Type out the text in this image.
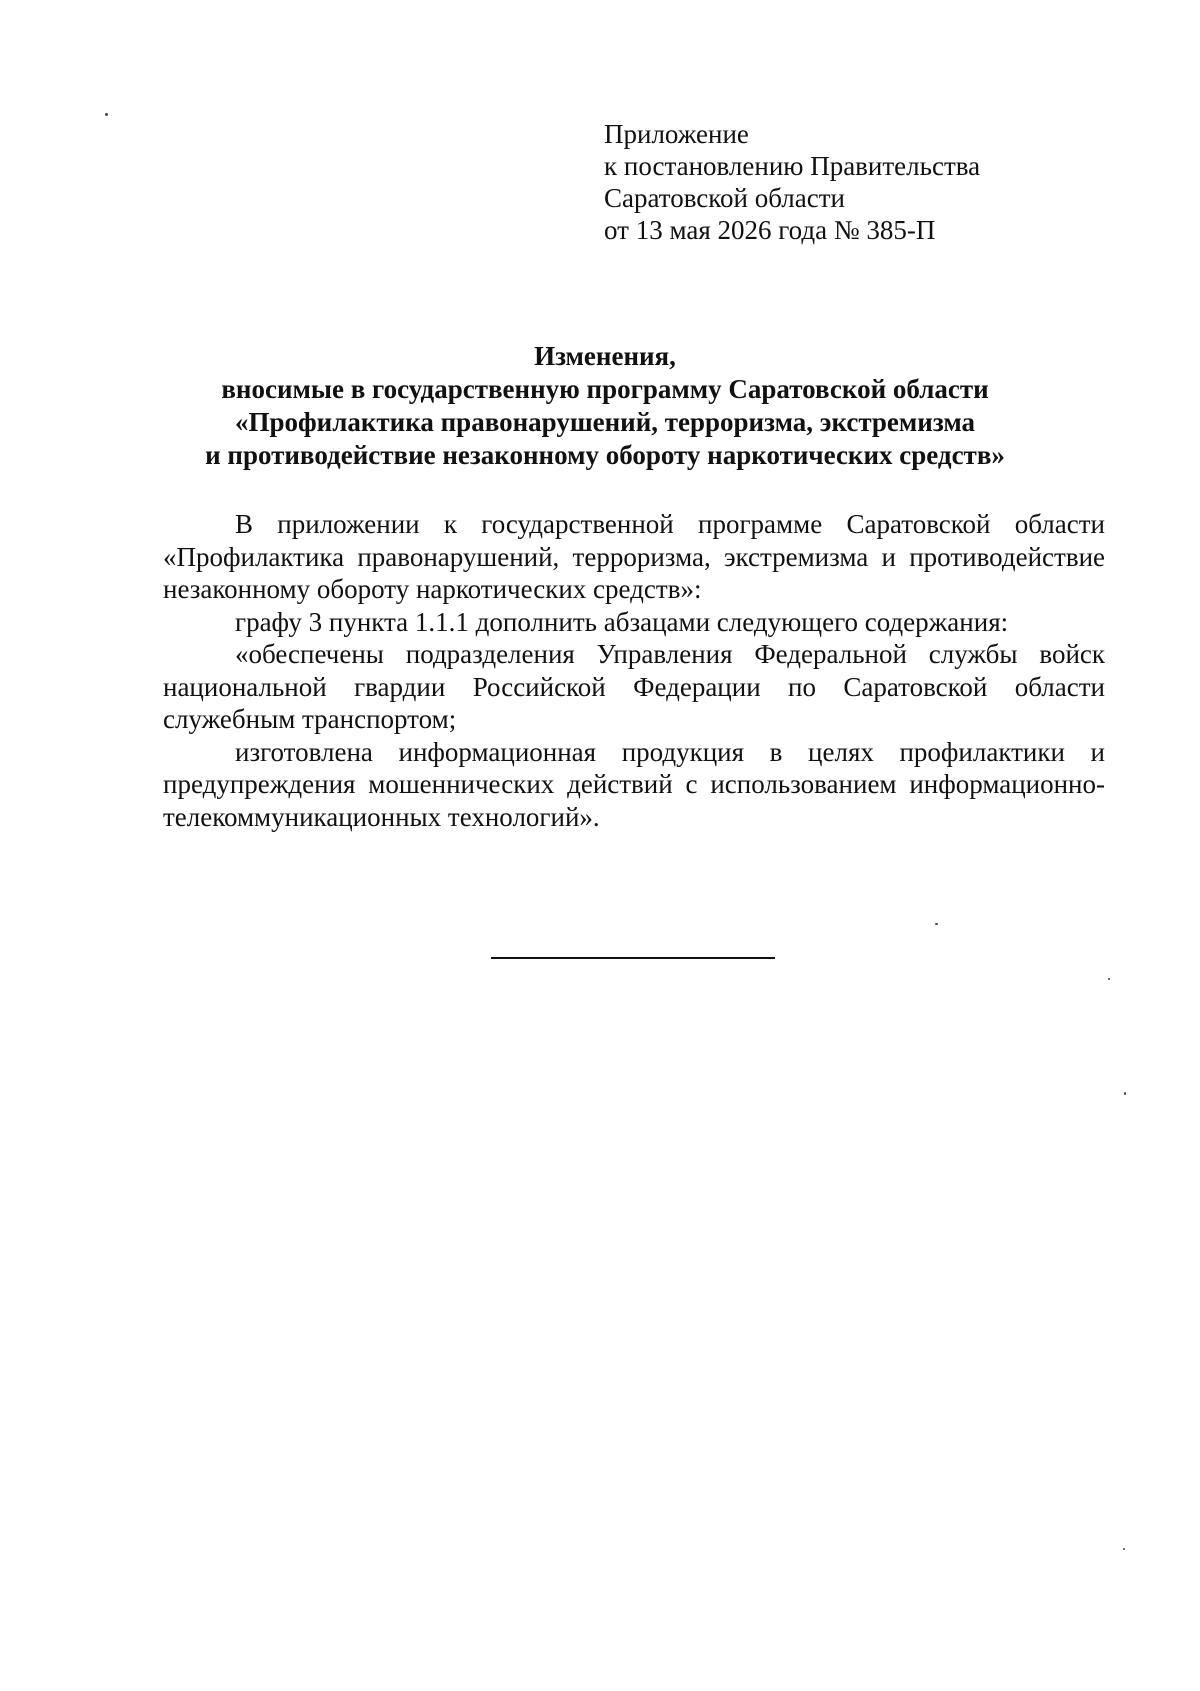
Приложение
к постановлению Правительства
Саратовской области
от 13 мая 2026 года № 385-П
Изменения,
вносимые в государственную программу Саратовской области
«Профилактика правонарушений, терроризма, экстремизма
и противодействие незаконному обороту наркотических средств»

В приложении к государственной программе Саратовской области «Профилактика правонарушений, терроризма, экстремизма и противодействие незаконному обороту наркотических средств»:

графу 3 пункта 1.1.1 дополнить абзацами следующего содержания:

«обеспечены подразделения Управления Федеральной службы войск национальной гвардии Российской Федерации по Саратовской области служебным транспортом;

изготовлена информационная продукция в целях профилактики и предупреждения мошеннических действий с использованием информационно-телекоммуникационных технологий».
